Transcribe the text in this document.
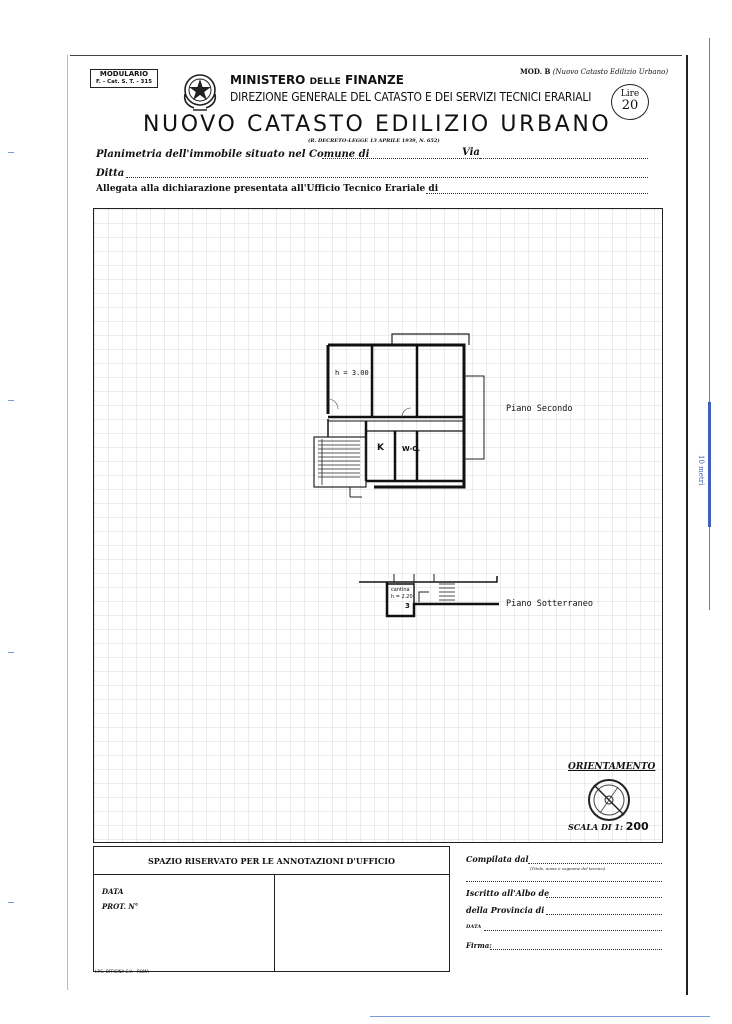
10 metri
MODULARIO
F. - Cat. S. T. - 315
MOD. B (Nuovo Catasto Edilizio Urbano)
MINISTERO DELLE FINANZE
DIREZIONE GENERALE DEL CATASTO E DEI SERVIZI TECNICI ERARIALI	Lire
20
NUOVO CATASTO EDILIZIO URBANO
(R. DECRETO-LEGGE 13 APRILE 1939, N. 652)
Planimetria dell'immobile situato nel Comune di	Via
Ditta
Allegata alla dichiarazione presentata all'Ufficio Tecnico Erariale di
h = 3.00
K	W-C.
Piano Secondo
cantina
h = 2.20
3	Piano Sotterraneo
ORIENTAMENTO
SCALA DI 1: 200
SPAZIO RISERVATO PER LE ANNOTAZIONI D'UFFICIO
DATA
PROT. N°
Compilata dal
(Titolo, nome e cognome del tecnico)
Iscritto all'Albo de
della Provincia di
DATA
Firma:
I.P.S. OFFICINA C.V. - ROMA
